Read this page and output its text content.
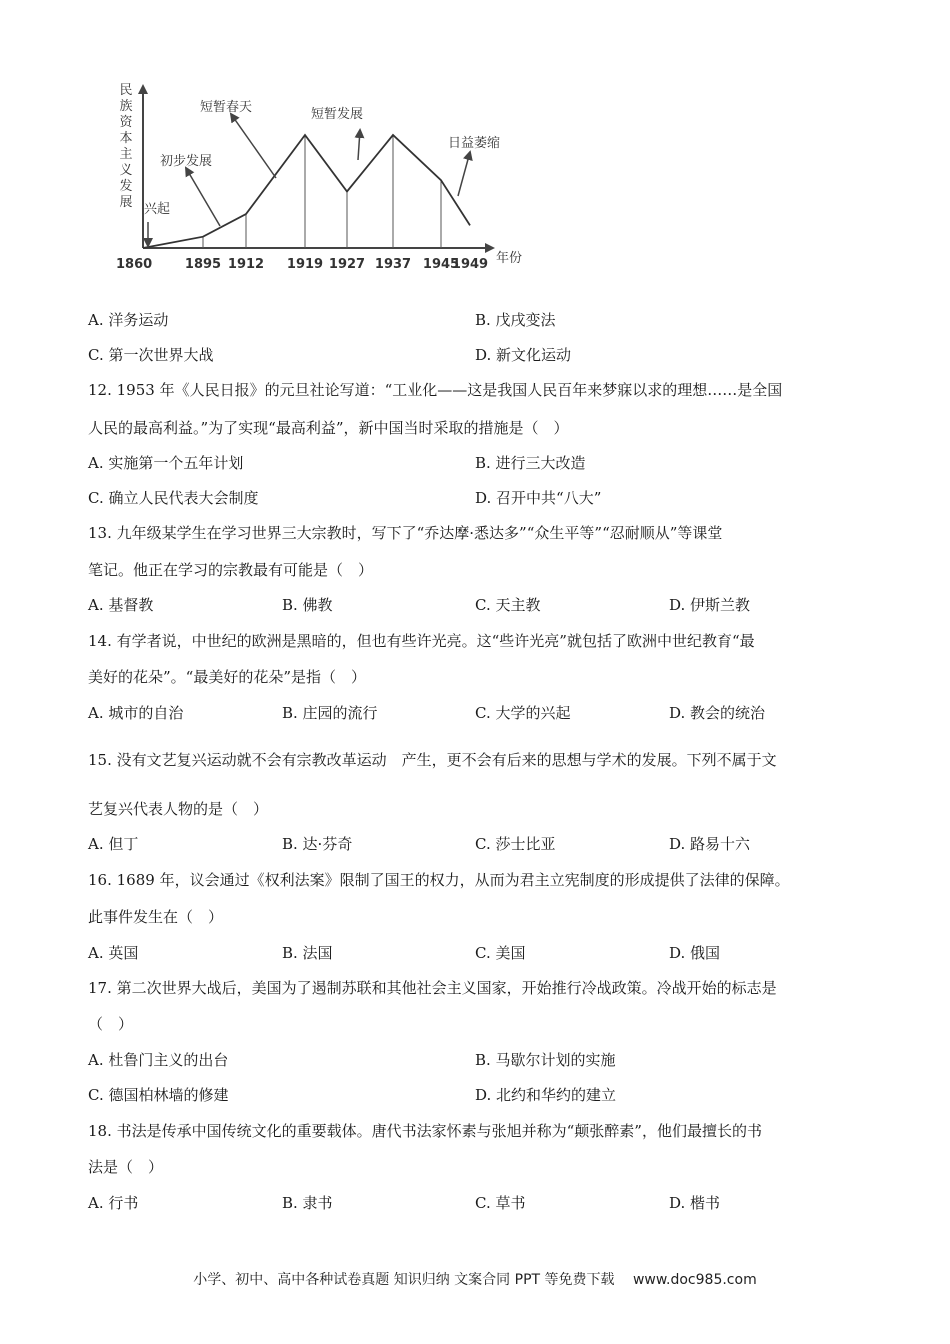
民
族
资
本
主
义
发
展
年份
1860	1895 1912 1919 1927 1937 1945
1949
兴起
初步发展
短暂春天	短暂发展
日益萎缩
A. 洋务运动	B. 戊戌变法
C. 第一次世界大战	D. 新文化运动
12. 1953 年《人民日报》的元旦社论写道：“工业化——这是我国人民百年来梦寐以求的理想……是全国
人民的最高利益。”为了实现“最高利益”，新中国当时采取的措施是（　）
A. 实施第一个五年计划	B. 进行三大改造
C. 确立人民代表大会制度	D. 召开中共“八大”
13. 九年级某学生在学习世界三大宗教时，写下了“乔达摩·悉达多”“众生平等”“忍耐顺从”等课堂
笔记。他正在学习的宗教最有可能是（　）
A. 基督教	B. 佛教	C. 天主教	D. 伊斯兰教
14. 有学者说，中世纪的欧洲是黑暗的，但也有些许光亮。这“些许光亮”就包括了欧洲中世纪教育“最
美好的花朵”。“最美好的花朵”是指（　）
A. 城市的自治	B. 庄园的流行	C. 大学的兴起	D. 教会的统治
15. 没有文艺复兴运动就不会有宗教改革运动　产生，更不会有后来的思想与学术的发展。下列不属于文
艺复兴代表人物的是（　）
A. 但丁	B. 达·芬奇	C. 莎士比亚	D. 路易十六
16. 1689 年，议会通过《权利法案》限制了国王的权力，从而为君主立宪制度的形成提供了法律的保障。
此事件发生在（　）
A. 英国	B. 法国	C. 美国	D. 俄国
17. 第二次世界大战后，美国为了遏制苏联和其他社会主义国家，开始推行冷战政策。冷战开始的标志是
（　）
A. 杜鲁门主义的出台	B. 马歇尔计划的实施
C. 德国柏林墙的修建	D. 北约和华约的建立
18. 书法是传承中国传统文化的重要载体。唐代书法家怀素与张旭并称为“颠张醉素”，他们最擅长的书
法是（　）
A. 行书	B. 隶书	C. 草书	D. 楷书
小学、初中、高中各种试卷真题 知识归纳 文案合同 PPT 等免费下载　 www.doc985.com
